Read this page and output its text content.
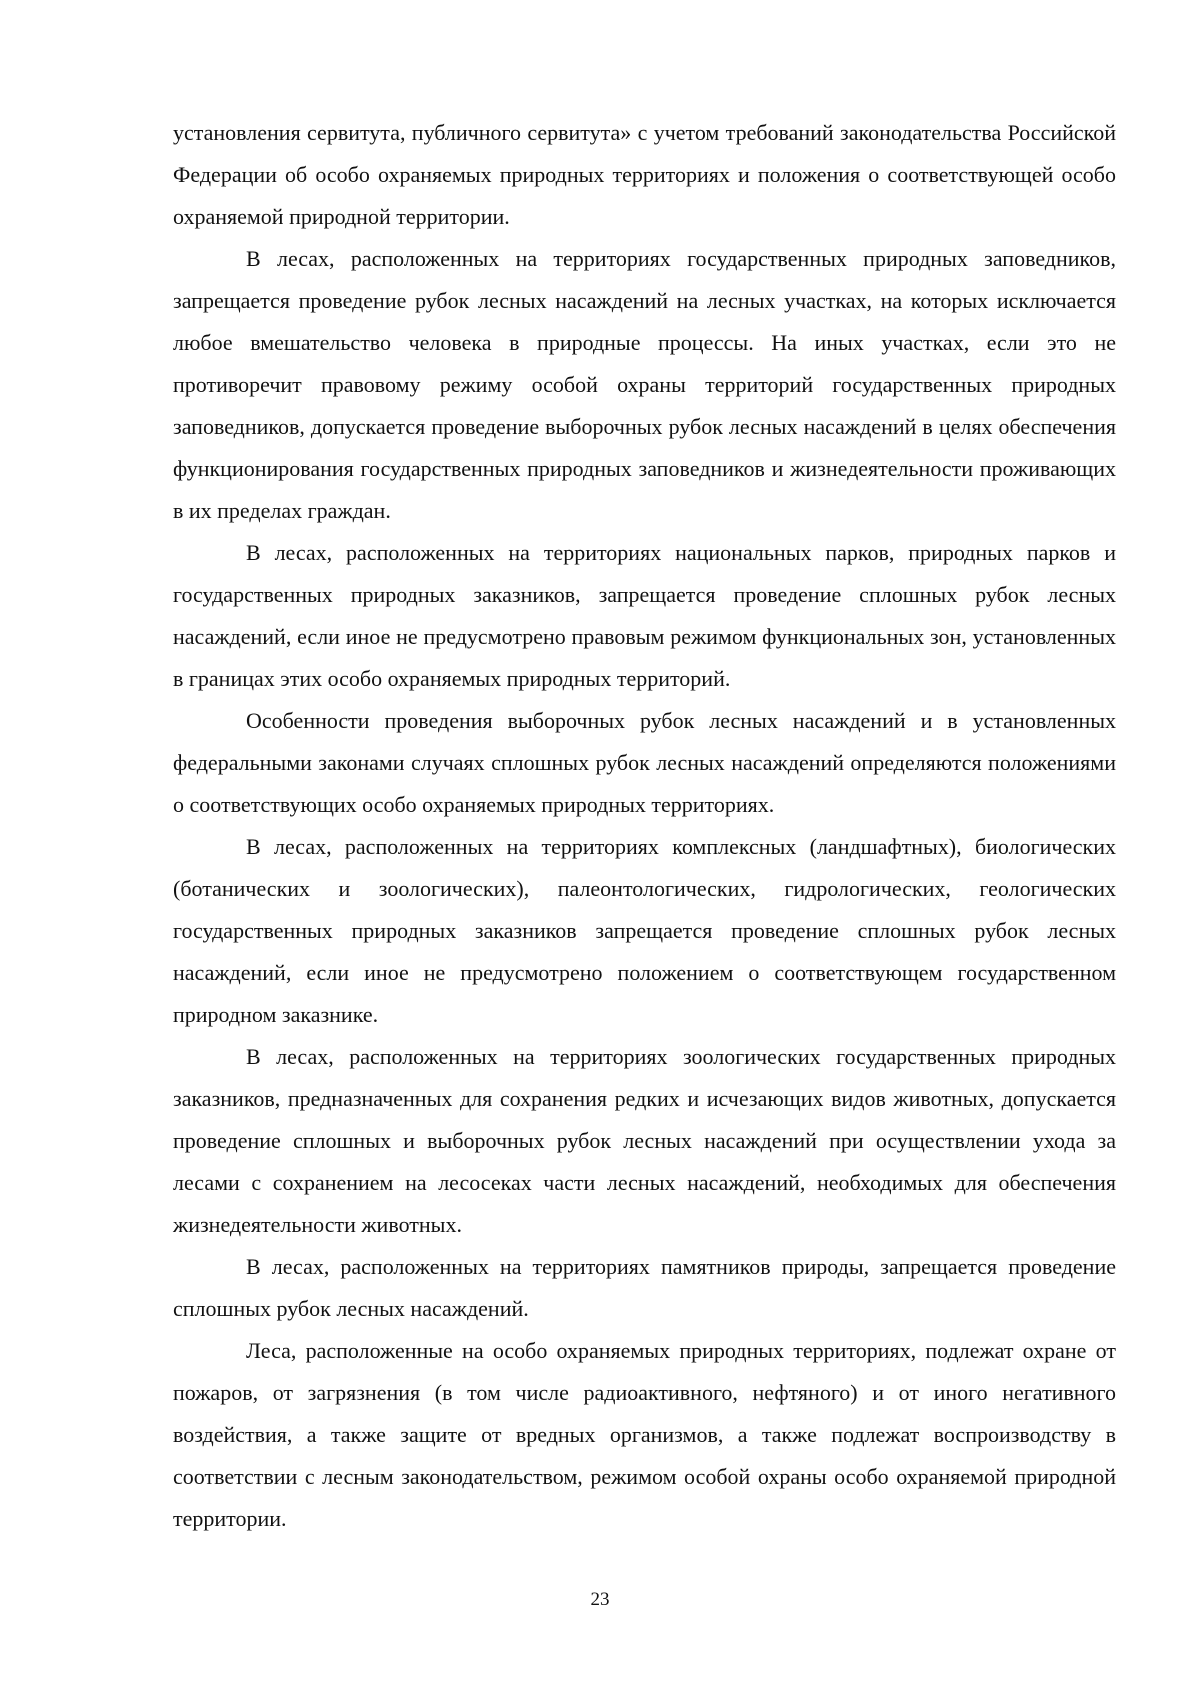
установления сервитута, публичного сервитута» с учетом требований законодательства Российской Федерации об особо охраняемых природных территориях и положения о соответствующей особо охраняемой природной территории.

В лесах, расположенных на территориях государственных природных заповедников, запрещается проведение рубок лесных насаждений на лесных участках, на которых исключается любое вмешательство человека в природные процессы. На иных участках, если это не противоречит правовому режиму особой охраны территорий государственных природных заповедников, допускается проведение выборочных рубок лесных насаждений в целях обеспечения функционирования государственных природных заповедников и жизнедеятельности проживающих в их пределах граждан.

В лесах, расположенных на территориях национальных парков, природных парков и государственных природных заказников, запрещается проведение сплошных рубок лесных насаждений, если иное не предусмотрено правовым режимом функциональных зон, установленных в границах этих особо охраняемых природных территорий.

Особенности проведения выборочных рубок лесных насаждений и в установленных федеральными законами случаях сплошных рубок лесных насаждений определяются положениями о соответствующих особо охраняемых природных территориях.

В лесах, расположенных на территориях комплексных (ландшафтных), биологических (ботанических и зоологических), палеонтологических, гидрологических, геологических государственных природных заказников запрещается проведение сплошных рубок лесных насаждений, если иное не предусмотрено положением о соответствующем государственном природном заказнике.

В лесах, расположенных на территориях зоологических государственных природных заказников, предназначенных для сохранения редких и исчезающих видов животных, допускается проведение сплошных и выборочных рубок лесных насаждений при осуществлении ухода за лесами с сохранением на лесосеках части лесных насаждений, необходимых для обеспечения жизнедеятельности животных.

В лесах, расположенных на территориях памятников природы, запрещается проведение сплошных рубок лесных насаждений.

Леса, расположенные на особо охраняемых природных территориях, подлежат охране от пожаров, от загрязнения (в том числе радиоактивного, нефтяного) и от иного негативного воздействия, а также защите от вредных организмов, а также подлежат воспроизводству в соответствии с лесным законодательством, режимом особой охраны особо охраняемой природной территории.

23
